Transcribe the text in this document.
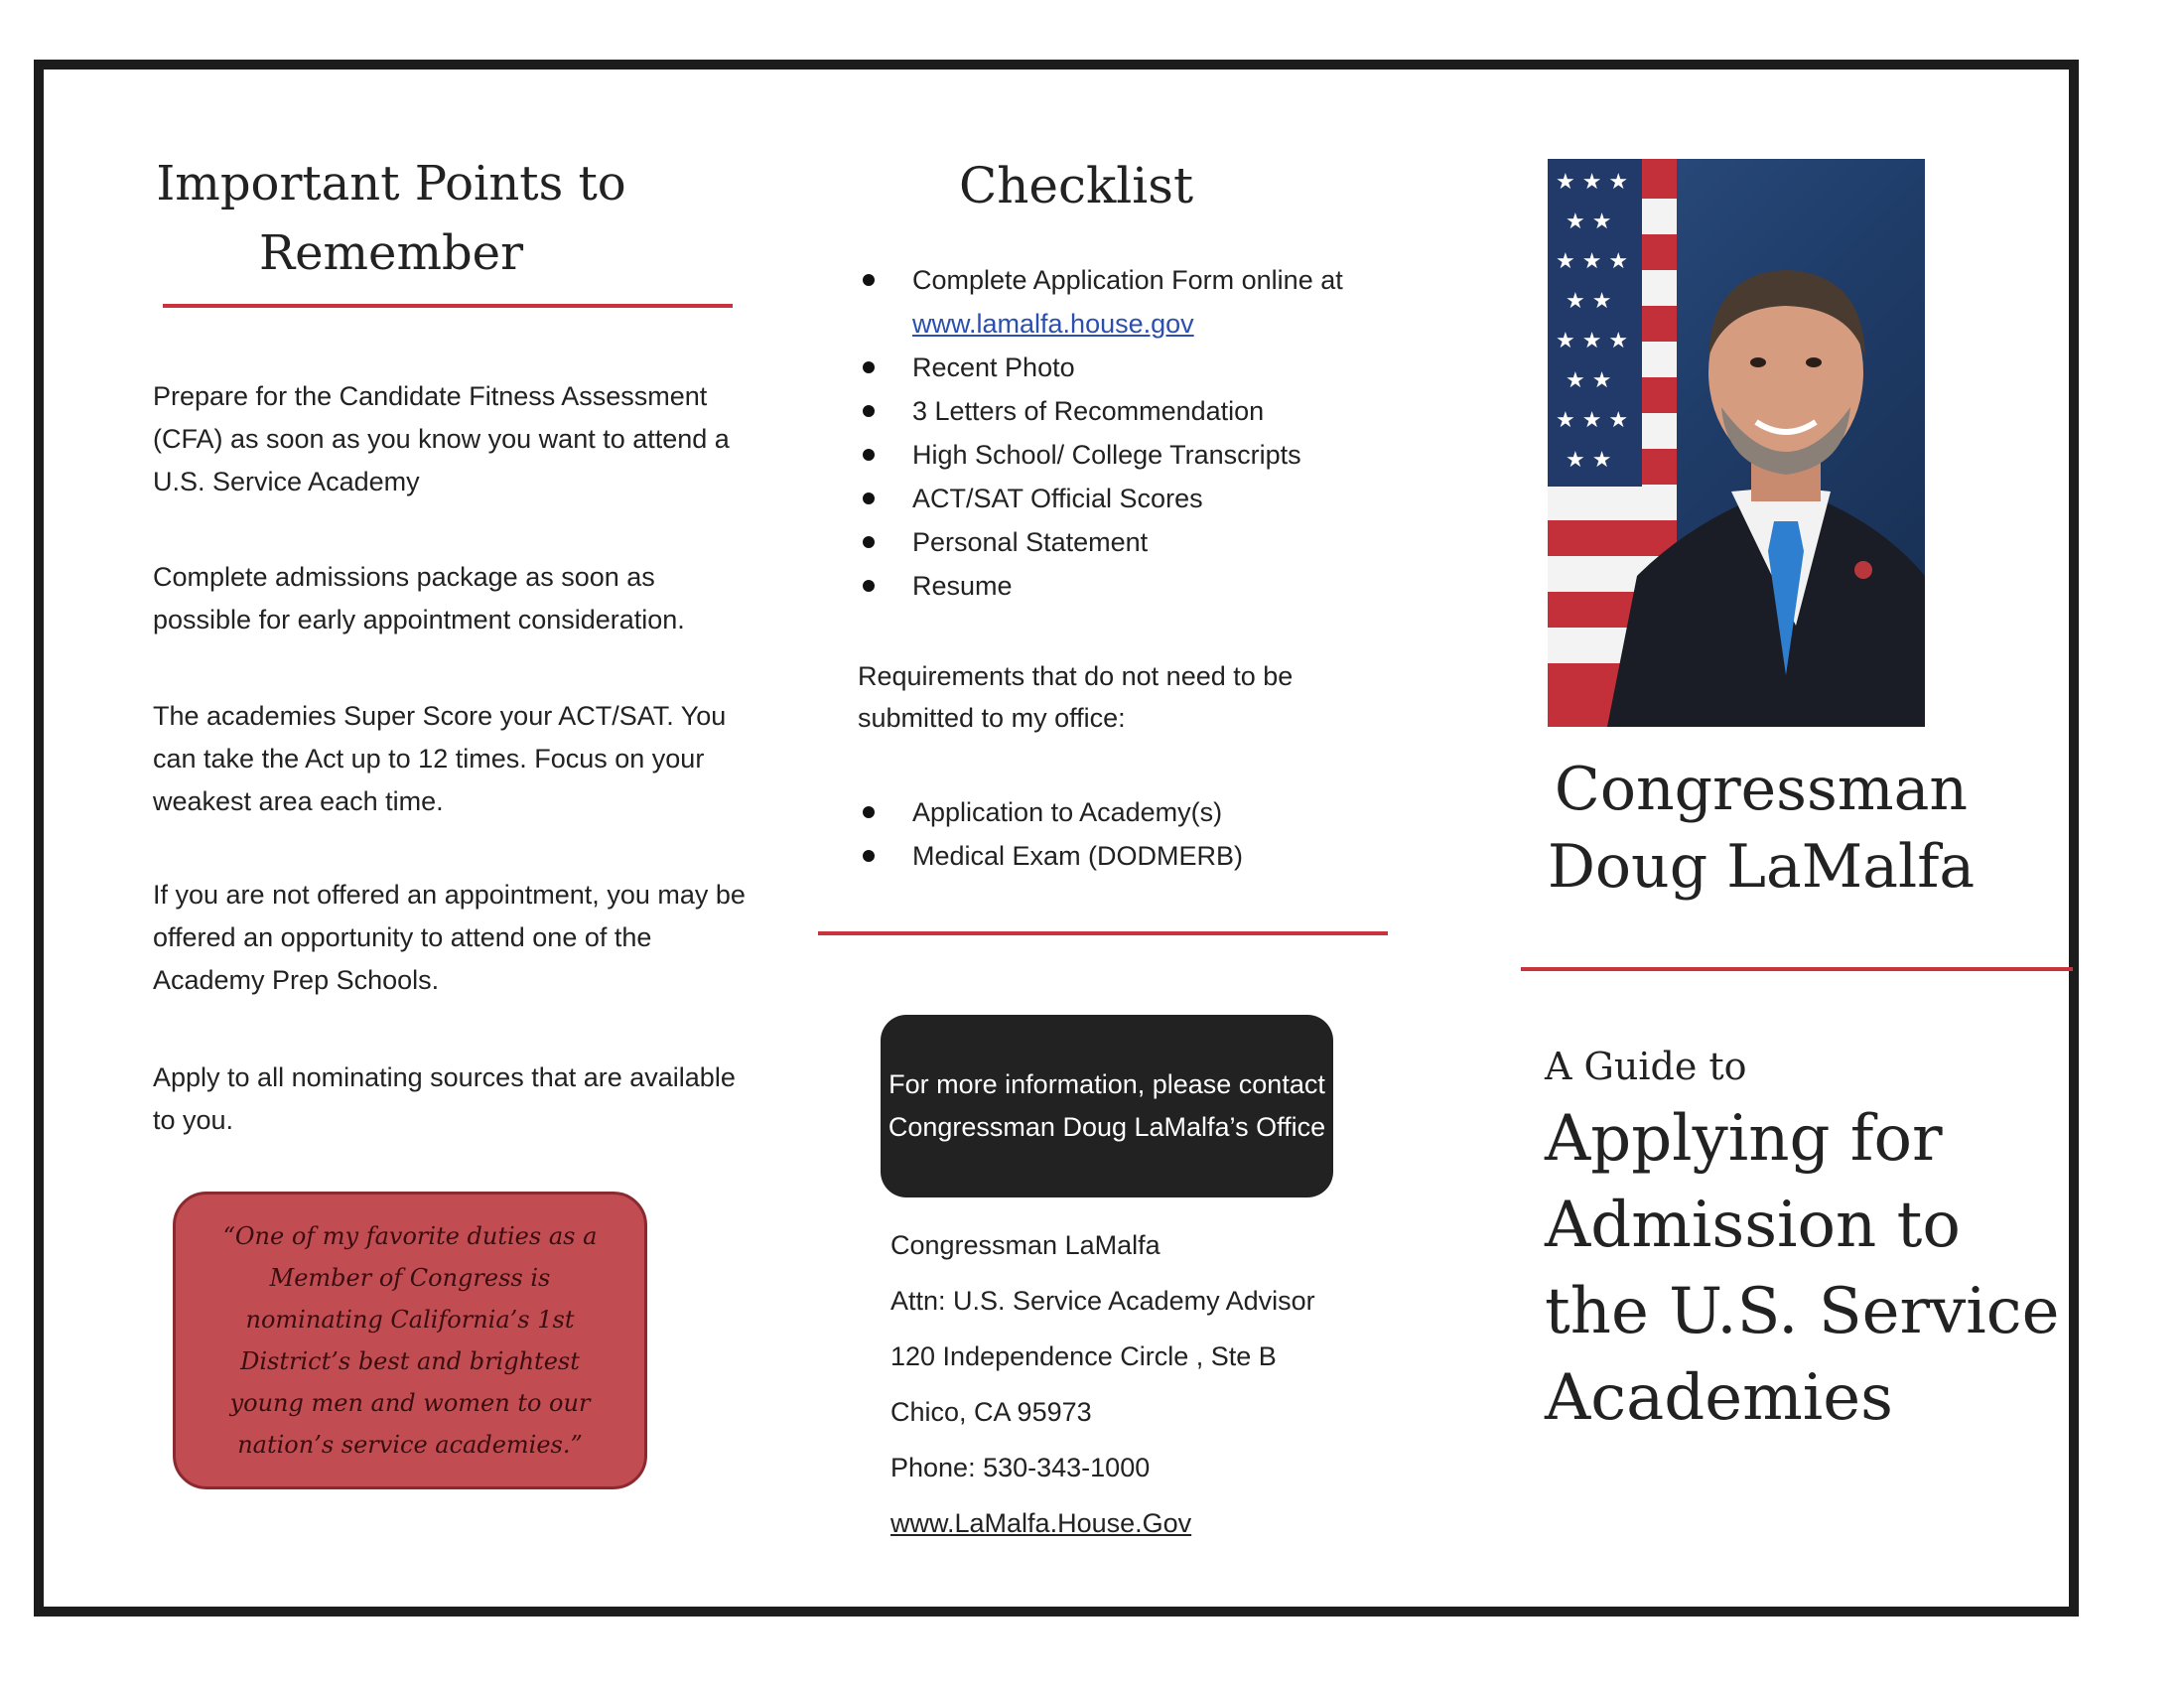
Important Points to Remember

Prepare for the Candidate Fitness Assessment (CFA) as soon as you know you want to attend a U.S. Service Academy

Complete admissions package as soon as possible for early appointment consideration.

The academies Super Score your ACT/SAT. You can take the Act up to 12 times. Focus on your weakest area each time.

If you are not offered an appointment, you may be offered an opportunity to attend one of the Academy Prep Schools.

Apply to all nominating sources that are available to you.

“One of my favorite duties as a Member of Congress is nominating California’s 1st District’s best and brightest young men and women to our nation’s service academies.”

Checklist
Complete Application Form online at
www.lamalfa.house.gov
Recent Photo
3 Letters of Recommendation
High School/ College Transcripts
ACT/SAT Official Scores
Personal Statement
Resume

Requirements that do not need to be submitted to my office:

Application to Academy(s)
Medical Exam (DODMERB)

For more information, please contact Congressman Doug LaMalfa’s Office

Congressman LaMalfa

Attn: U.S. Service Academy Advisor

120 Independence Circle , Ste B

Chico, CA 95973

Phone: 530-343-1000

www.LaMalfa.House.Gov

★ ★ ★
★ ★
★ ★ ★
★ ★
★ ★ ★
★ ★
★ ★ ★
★ ★

Congressman
Doug LaMalfa

A Guide to

Applying for Admission to the U.S. Service Academies
